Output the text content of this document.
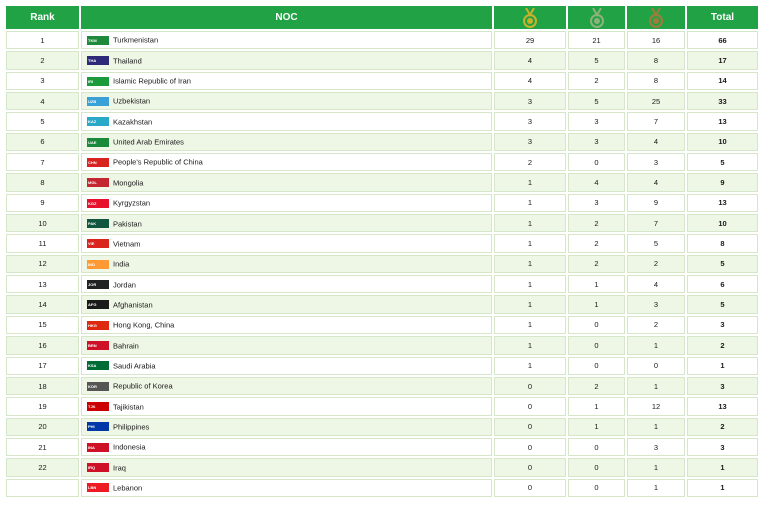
Rank	NOC				Total
1	TKM Turkmenistan	29	21	16	66
2	THA Thailand	4	5	8	17
3	IRI Islamic Republic of Iran	4	2	8	14
4	UZB Uzbekistan	3	5	25	33
5	KAZ Kazakhstan	3	3	7	13
6	UAE United Arab Emirates	3	3	4	10
7	CHN People's Republic of China	2	0	3	5
8	MGL Mongolia	1	4	4	9
9	KGZ Kyrgyzstan	1	3	9	13
10	PAK Pakistan	1	2	7	10
11	VIE Vietnam	1	2	5	8
12	IND India	1	2	2	5
13	JOR Jordan	1	1	4	6
14	AFG Afghanistan	1	1	3	5
15	HKG Hong Kong, China	1	0	2	3
16	BRN Bahrain	1	0	1	2
17	KSA Saudi Arabia	1	0	0	1
18	KOR Republic of Korea	0	2	1	3
19	TJK Tajikistan	0	1	12	13
20	PHI Philippines	0	1	1	2
21	INA Indonesia	0	0	3	3
22	IRQ Iraq	0	0	1	1
	LBN Lebanon	0	0	1	1
